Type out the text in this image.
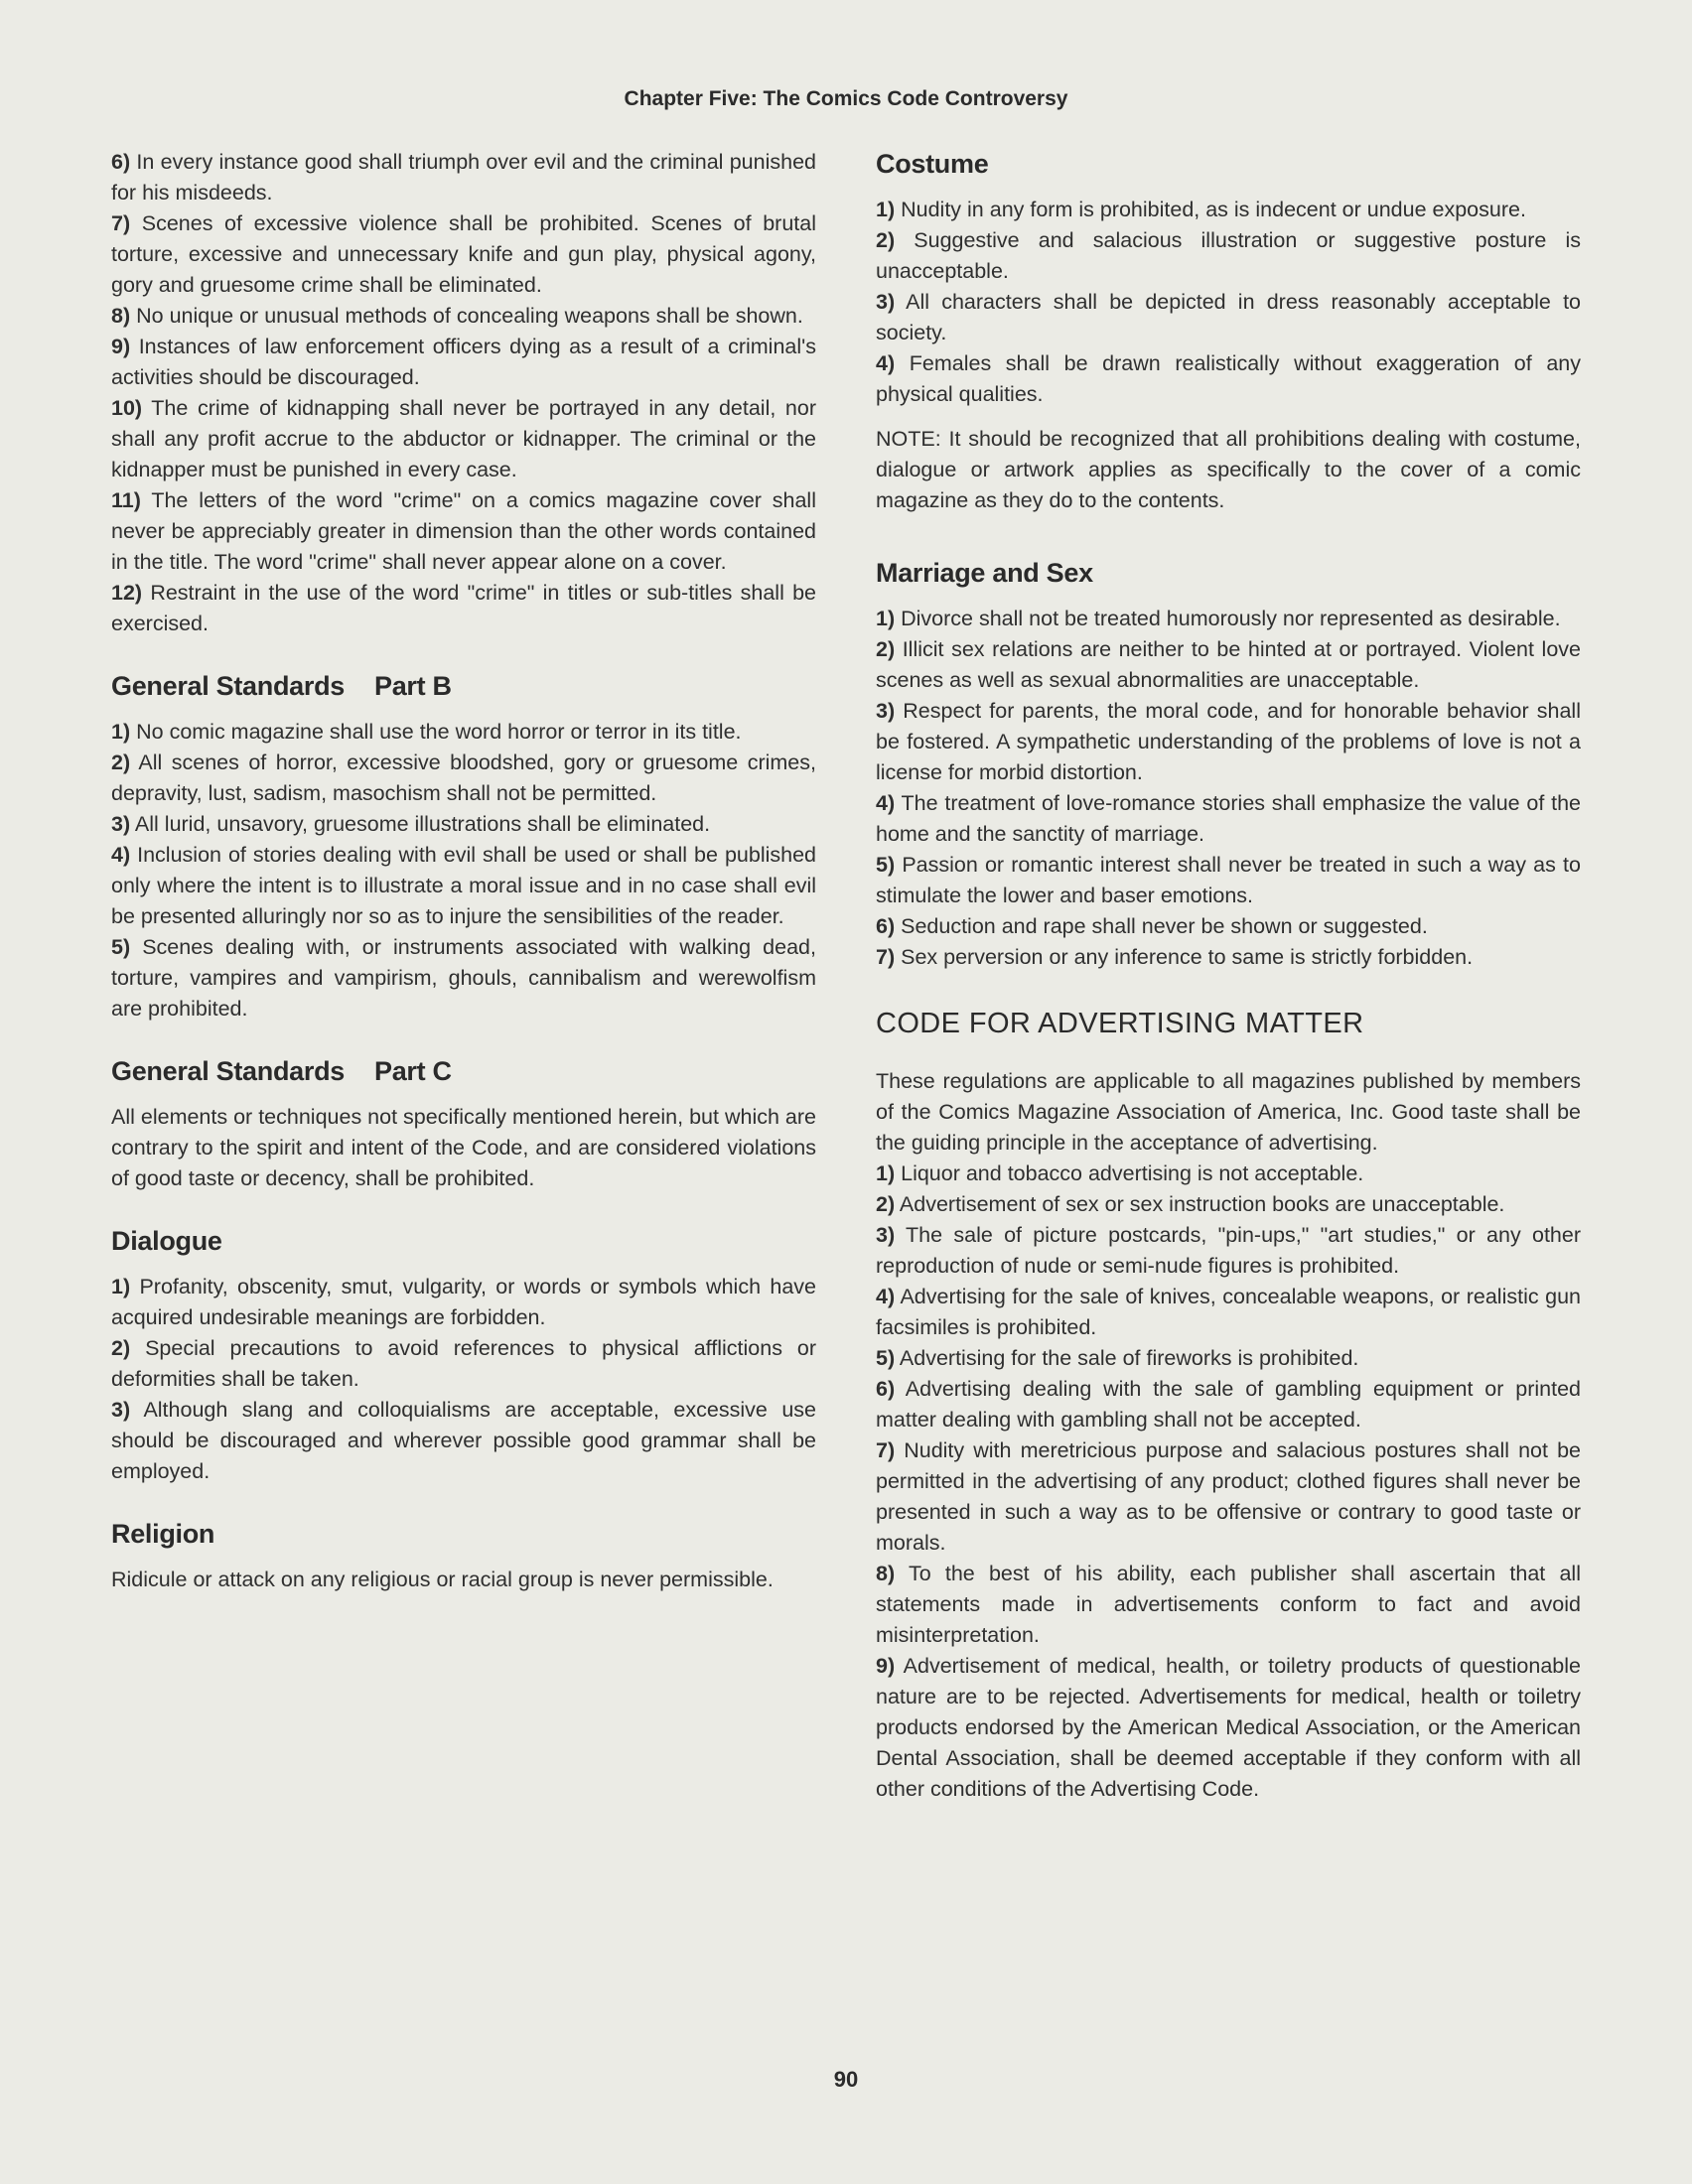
Chapter Five: The Comics Code Controversy

6) In every instance good shall triumph over evil and the criminal punished for his misdeeds.

7) Scenes of excessive violence shall be prohibited. Scenes of brutal torture, excessive and unnecessary knife and gun play, physical agony, gory and gruesome crime shall be eliminated.

8) No unique or unusual methods of concealing weapons shall be shown.

9) Instances of law enforcement officers dying as a result of a criminal's activities should be discouraged.

10) The crime of kidnapping shall never be portrayed in any detail, nor shall any profit accrue to the abductor or kidnapper. The criminal or the kidnapper must be punished in every case.

11) The letters of the word "crime" on a comics magazine cover shall never be appreciably greater in dimension than the other words contained in the title. The word "crime" shall never appear alone on a cover.

12) Restraint in the use of the word "crime" in titles or sub-titles shall be exercised.

General Standards Part B

1) No comic magazine shall use the word horror or terror in its title.

2) All scenes of horror, excessive bloodshed, gory or gruesome crimes, depravity, lust, sadism, masochism shall not be permitted.

3) All lurid, unsavory, gruesome illustrations shall be eliminated.

4) Inclusion of stories dealing with evil shall be used or shall be published only where the intent is to illustrate a moral issue and in no case shall evil be presented alluringly nor so as to injure the sensibilities of the reader.

5) Scenes dealing with, or instruments associated with walking dead, torture, vampires and vampirism, ghouls, cannibalism and werewolfism are prohibited.

General Standards Part C

All elements or techniques not specifically mentioned herein, but which are contrary to the spirit and intent of the Code, and are considered violations of good taste or decency, shall be prohibited.

Dialogue

1) Profanity, obscenity, smut, vulgarity, or words or symbols which have acquired undesirable meanings are forbidden.

2) Special precautions to avoid references to physical afflictions or deformities shall be taken.

3) Although slang and colloquialisms are acceptable, excessive use should be discouraged and wherever possible good grammar shall be employed.

Religion

Ridicule or attack on any religious or racial group is never permissible.

Costume

1) Nudity in any form is prohibited, as is indecent or undue exposure.

2) Suggestive and salacious illustration or suggestive posture is unacceptable.

3) All characters shall be depicted in dress reasonably acceptable to society.

4) Females shall be drawn realistically without exaggeration of any physical qualities.

NOTE: It should be recognized that all prohibitions dealing with costume, dialogue or artwork applies as specifically to the cover of a comic magazine as they do to the contents.

Marriage and Sex

1) Divorce shall not be treated humorously nor represented as desirable.

2) Illicit sex relations are neither to be hinted at or portrayed. Violent love scenes as well as sexual abnormalities are unacceptable.

3) Respect for parents, the moral code, and for honorable behavior shall be fostered. A sympathetic understanding of the problems of love is not a license for morbid distortion.

4) The treatment of love-romance stories shall emphasize the value of the home and the sanctity of marriage.

5) Passion or romantic interest shall never be treated in such a way as to stimulate the lower and baser emotions.

6) Seduction and rape shall never be shown or suggested.

7) Sex perversion or any inference to same is strictly forbidden.

CODE FOR ADVERTISING MATTER

These regulations are applicable to all magazines published by members of the Comics Magazine Association of America, Inc. Good taste shall be the guiding principle in the acceptance of advertising.

1) Liquor and tobacco advertising is not acceptable.

2) Advertisement of sex or sex instruction books are unacceptable.

3) The sale of picture postcards, "pin-ups," "art studies," or any other reproduction of nude or semi-nude figures is prohibited.

4) Advertising for the sale of knives, concealable weapons, or realistic gun facsimiles is prohibited.

5) Advertising for the sale of fireworks is prohibited.

6) Advertising dealing with the sale of gambling equipment or printed matter dealing with gambling shall not be accepted.

7) Nudity with meretricious purpose and salacious postures shall not be permitted in the advertising of any product; clothed figures shall never be presented in such a way as to be offensive or contrary to good taste or morals.

8) To the best of his ability, each publisher shall ascertain that all statements made in advertisements conform to fact and avoid misinterpretation.

9) Advertisement of medical, health, or toiletry products of questionable nature are to be rejected. Advertisements for medical, health or toiletry products endorsed by the American Medical Association, or the American Dental Association, shall be deemed acceptable if they conform with all other conditions of the Advertising Code.

90
